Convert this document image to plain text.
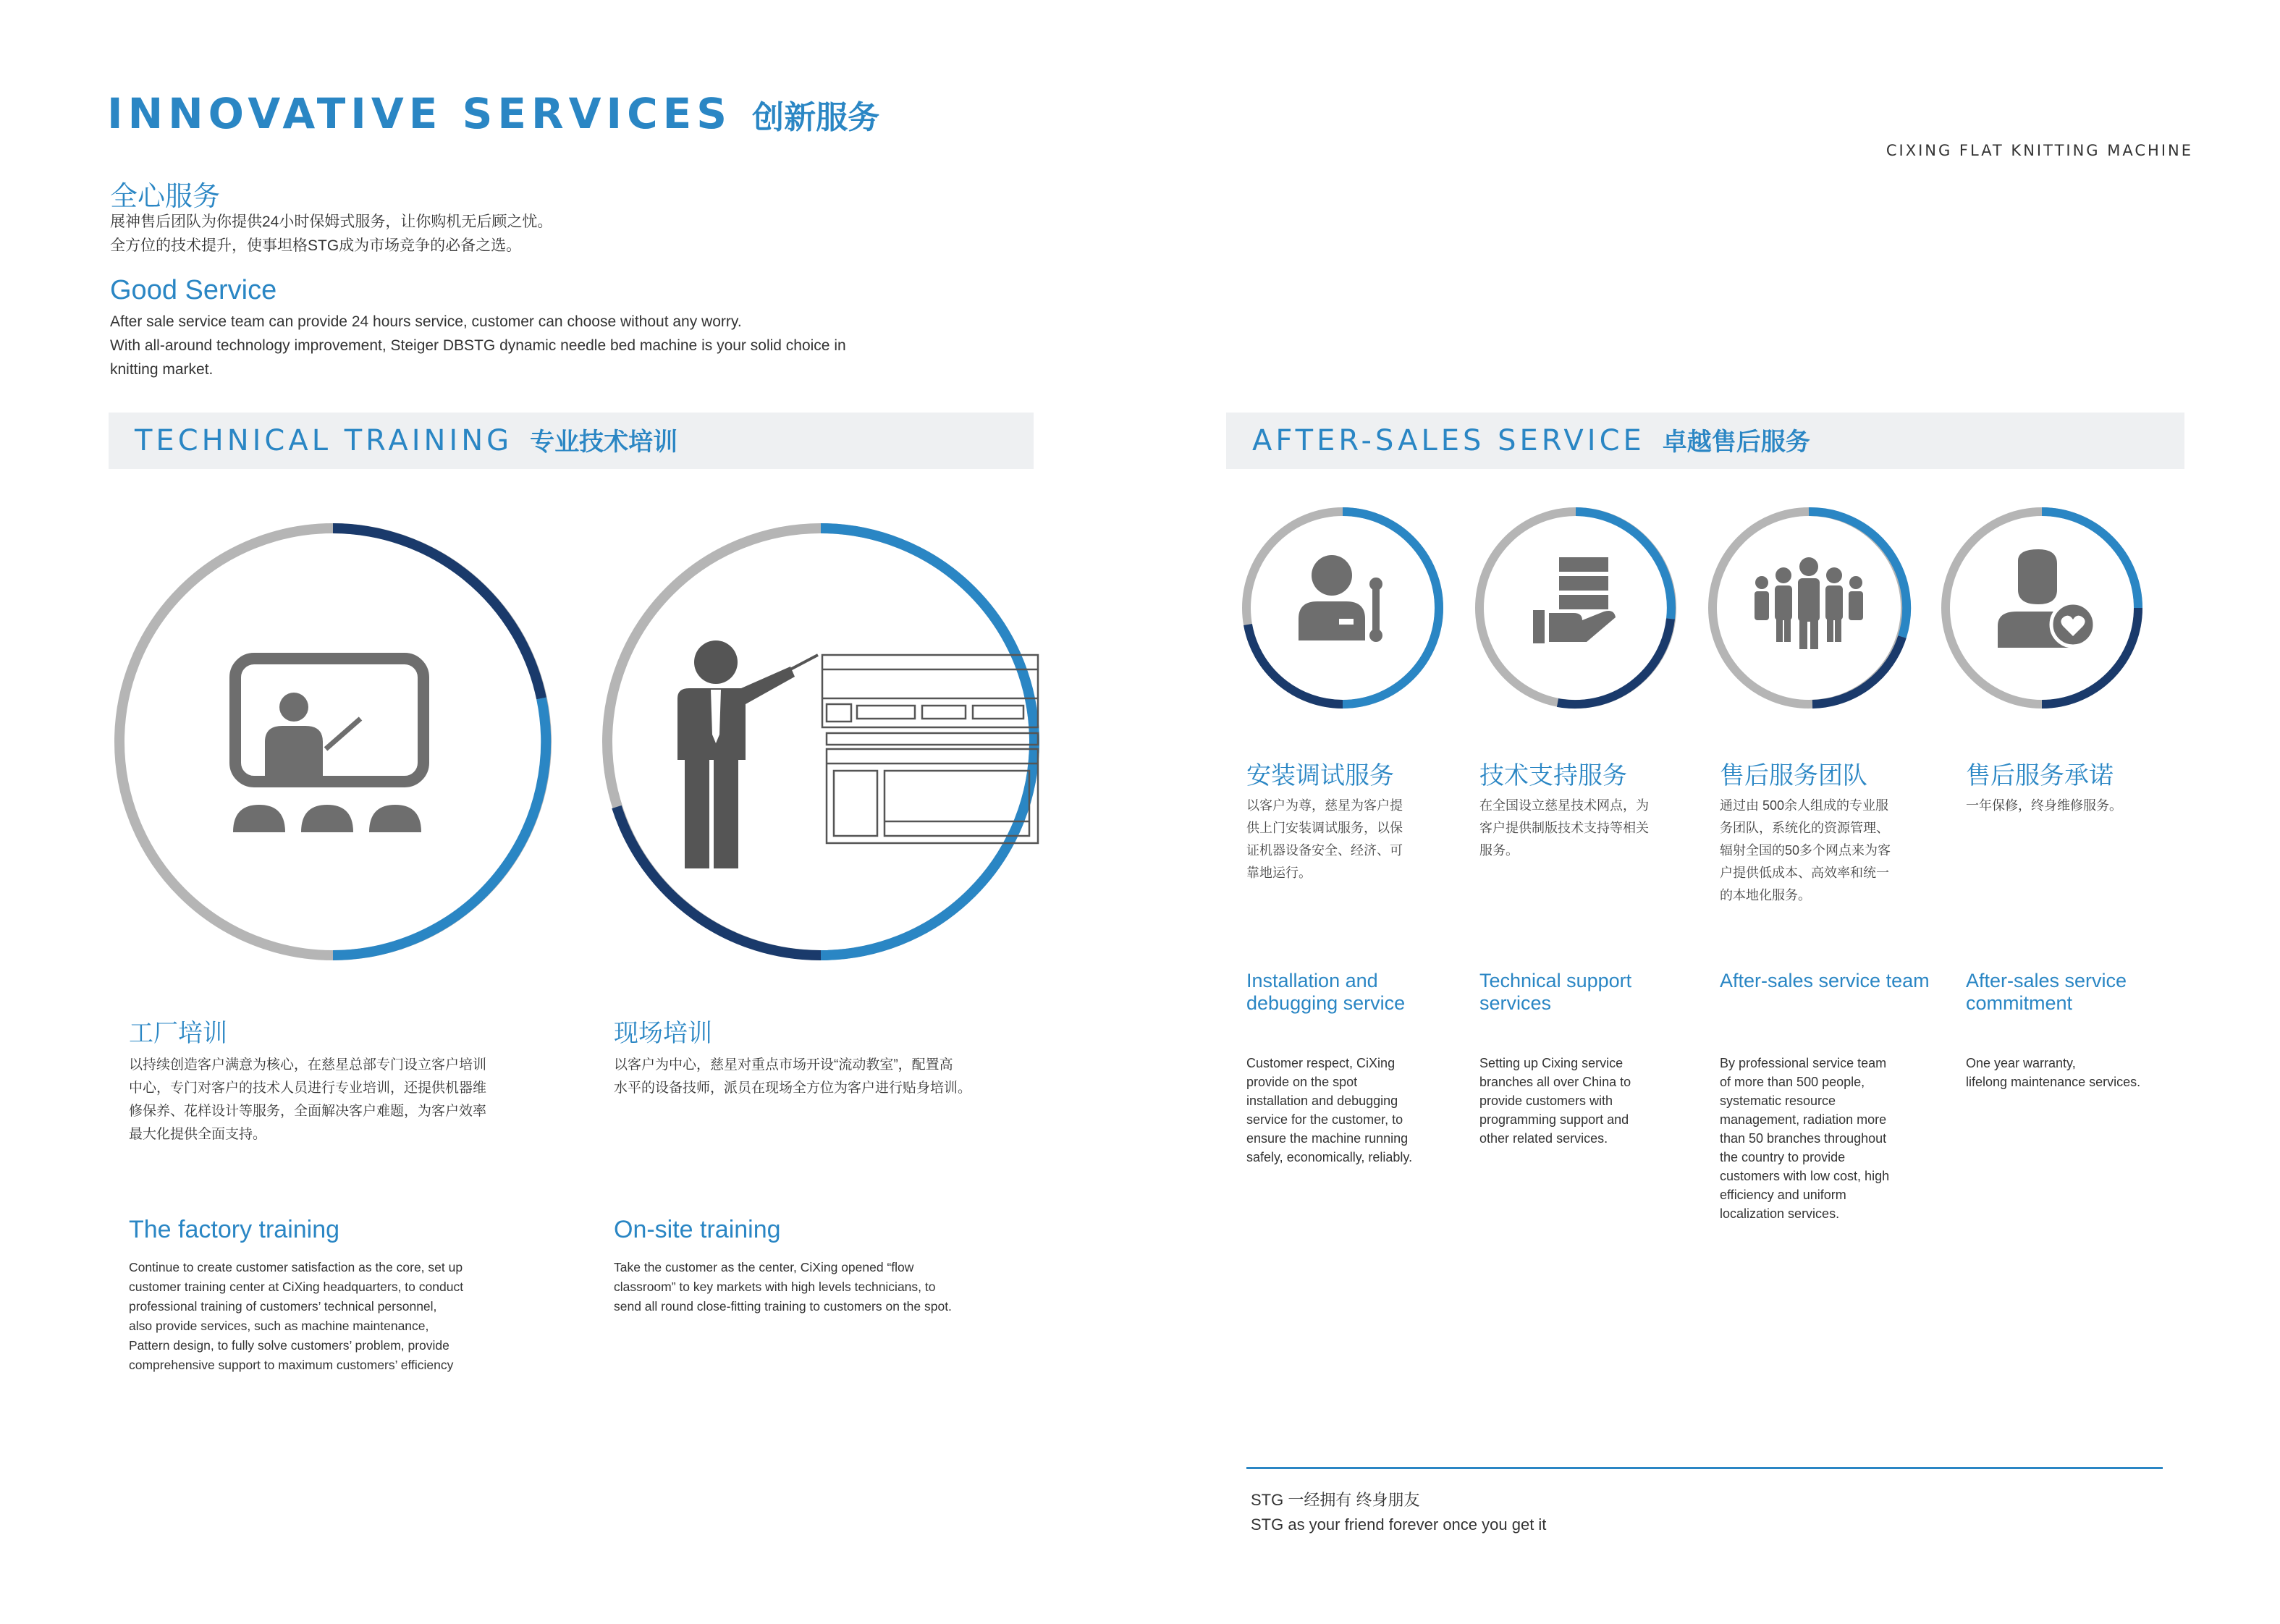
INNOVATIVE SERVICES 创新服务
CIXING FLAT KNITTING MACHINE
全心服务
展神售后团队为你提供24小时保姆式服务，让你购机无后顾之忧。
全方位的技术提升，使事坦格STG成为市场竞争的必备之选。
Good Service
After sale service team can provide 24 hours service, customer can choose without any worry.
With all-around technology improvement, Steiger DBSTG dynamic needle bed machine is your solid choice in
knitting market.
TECHNICAL TRAINING 专业技术培训	AFTER-SALES SERVICE 卓越售后服务
工厂培训
以持续创造客户满意为核心，在慈星总部专门设立客户培训
中心，专门对客户的技术人员进行专业培训，还提供机器维
修保养、花样设计等服务，全面解决客户难题，为客户效率
最大化提供全面支持。
The factory training
Continue to create customer satisfaction as the core, set up
customer training center at CiXing headquarters, to conduct
professional training of customers’ technical personnel,
also provide services, such as machine maintenance,
Pattern design, to fully solve customers’ problem, provide
comprehensive support to maximum customers’ efficiency
现场培训
以客户为中心，慈星对重点市场开设“流动教室”，配置高
水平的设备技师，派员在现场全方位为客户进行贴身培训。
On-site training
Take the customer as the center, CiXing opened “flow
classroom” to key markets with high levels technicians, to
send all round close-fitting training to customers on the spot.
安装调试服务
以客户为尊，慈星为客户提
供上门安装调试服务，以保
证机器设备安全、经济、可
靠地运行。
Installation and
debugging service
Customer respect, CiXing
provide on the spot
installation and debugging
service for the customer, to
ensure the machine running
safely, economically, reliably.
技术支持服务
在全国设立慈星技术网点，为
客户提供制版技术支持等相关
服务。
Technical support
services
Setting up Cixing service
branches all over China to
provide customers with
programming support and
other related services.
售后服务团队
通过由 500余人组成的专业服
务团队，系统化的资源管理、
辐射全国的50多个网点来为客
户提供低成本、高效率和统一
的本地化服务。
After-sales service team
By professional service team
of more than 500 people,
systematic resource
management, radiation more
than 50 branches throughout
the country to provide
customers with low cost, high
efficiency and uniform
localization services.
售后服务承诺
一年保修，终身维修服务。
After-sales service
commitment
One year warranty,
lifelong maintenance services.
STG 一经拥有 终身朋友
STG as your friend forever once you get it
